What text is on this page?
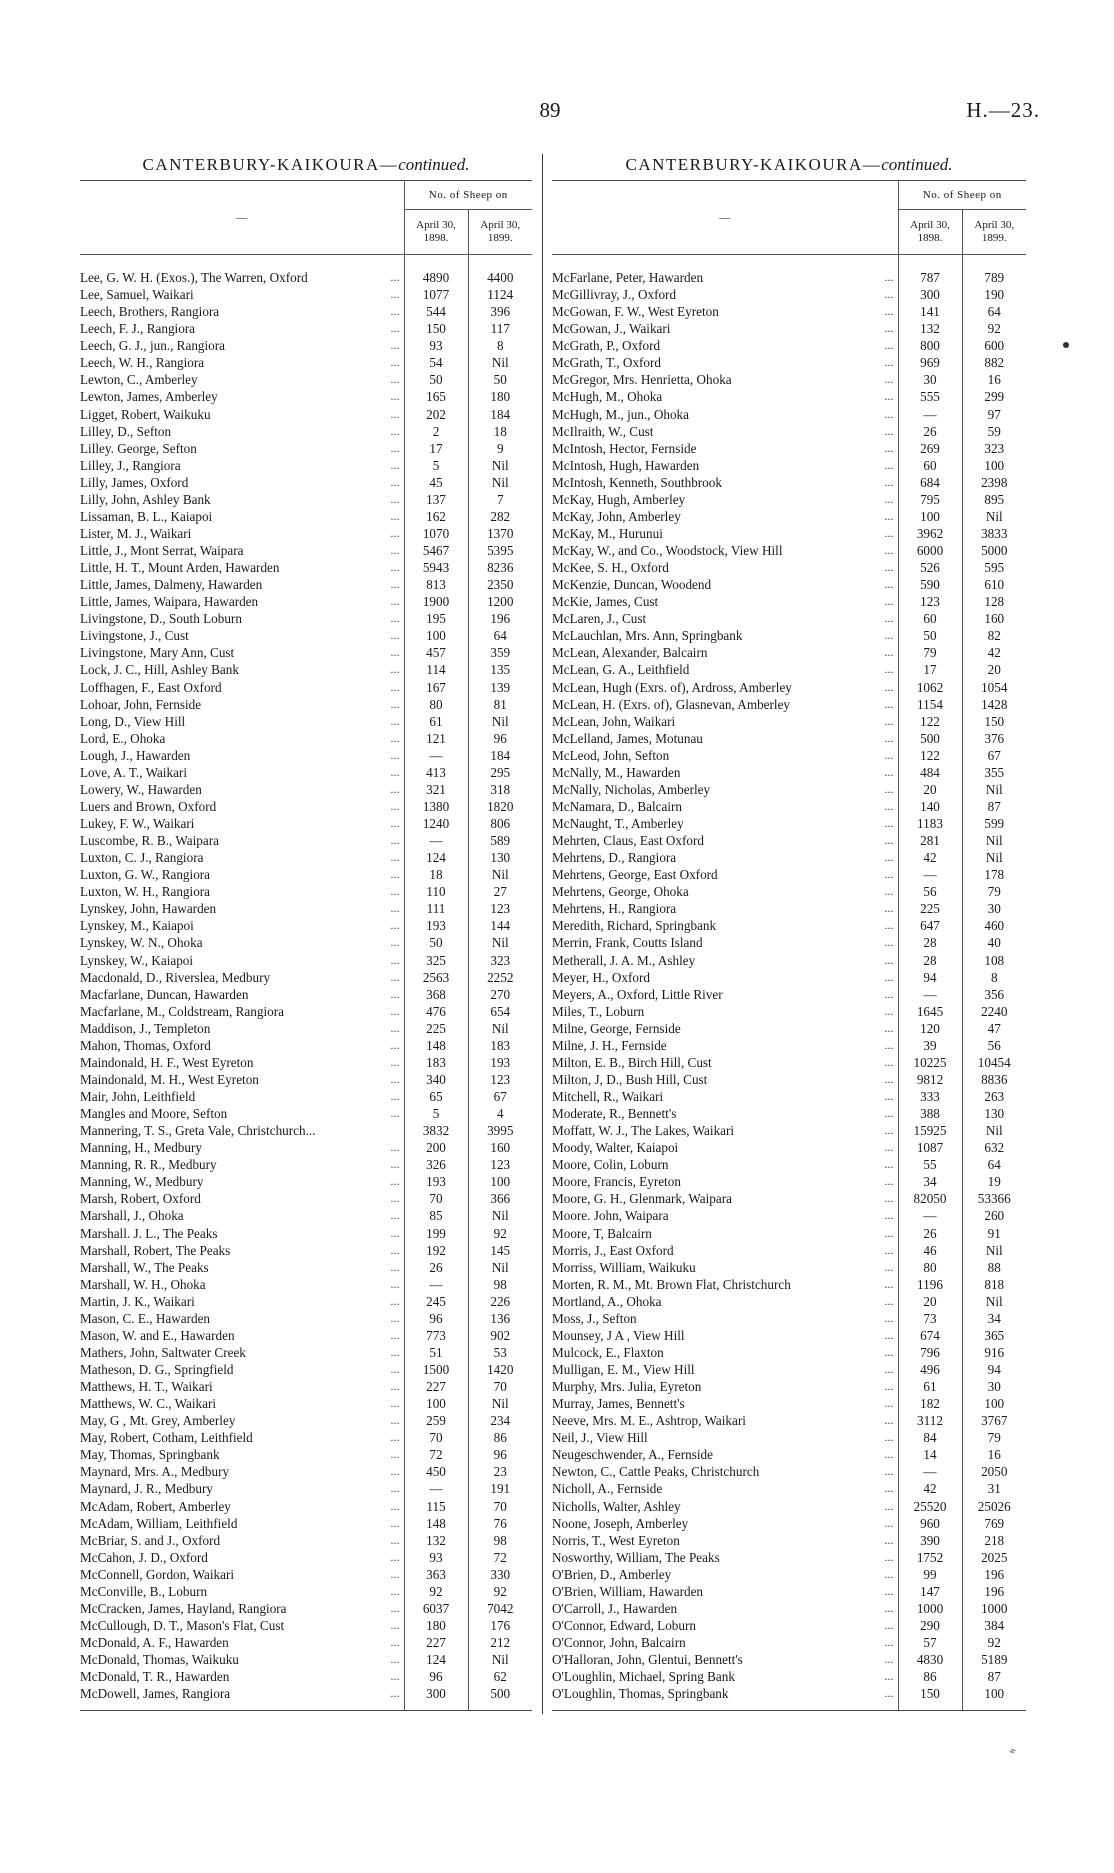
89	H.—23.
CANTERBURY-KAIKOURA—continued.
—	No. of Sheep on	
	April 30, 1898.	April 30, 1899.

Lee, G. W. H. (Exos.), The Warren, Oxford ...	4890	4400
Lee, Samuel, Waikari ...	1077	1124
Leech, Brothers, Rangiora ...	544	396
Leech, F. J., Rangiora ...	150	117
Leech, G. J., jun., Rangiora ...	93	8
Leech, W. H., Rangiora ...	54	Nil
Lewton, C., Amberley ...	50	50
Lewton, James, Amberley ...	165	180
Ligget, Robert, Waikuku ...	202	184
Lilley, D., Sefton ...	2	18
Lilley. George, Sefton ...	17	9
Lilley, J., Rangiora ...	5	Nil
Lilly, James, Oxford ...	45	Nil
Lilly, John, Ashley Bank ...	137	7
Lissaman, B. L., Kaiapoi ...	162	282
Lister, M. J., Waikari ...	1070	1370
Little, J., Mont Serrat, Waipara ...	5467	5395
Little, H. T., Mount Arden, Hawarden ...	5943	8236
Little, James, Dalmeny, Hawarden ...	813	2350
Little, James, Waipara, Hawarden ...	1900	1200
Livingstone, D., South Loburn ...	195	196
Livingstone, J., Cust ...	100	64
Livingstone, Mary Ann, Cust ...	457	359
Lock, J. C., Hill, Ashley Bank ...	114	135
Loffhagen, F., East Oxford ...	167	139
Lohoar, John, Fernside ...	80	81
Long, D., View Hill ...	61	Nil
Lord, E., Ohoka ...	121	96
Lough, J., Hawarden ...	—	184
Love, A. T., Waikari ...	413	295
Lowery, W., Hawarden ...	321	318
Luers and Brown, Oxford ...	1380	1820
Lukey, F. W., Waikari ...	1240	806
Luscombe, R. B., Waipara ...	—	589
Luxton, C. J., Rangiora ...	124	130
Luxton, G. W., Rangiora ...	18	Nil
Luxton, W. H., Rangiora ...	110	27
Lynskey, John, Hawarden ...	111	123
Lynskey, M., Kaiapoi ...	193	144
Lynskey, W. N., Ohoka ...	50	Nil
Lynskey, W., Kaiapoi ...	325	323
Macdonald, D., Riverslea, Medbury ...	2563	2252
Macfarlane, Duncan, Hawarden ...	368	270
Macfarlane, M., Coldstream, Rangiora ...	476	654
Maddison, J., Templeton ...	225	Nil
Mahon, Thomas, Oxford ...	148	183
Maindonald, H. F., West Eyreton ...	183	193
Maindonald, M. H., West Eyreton ...	340	123
Mair, John, Leithfield ...	65	67
Mangles and Moore, Sefton ...	5	4
Mannering, T. S., Greta Vale, Christchurch...	3832	3995
Manning, H., Medbury ...	200	160
Manning, R. R., Medbury ...	326	123
Manning, W., Medbury ...	193	100
Marsh, Robert, Oxford ...	70	366
Marshall, J., Ohoka ...	85	Nil
Marshall. J. L., The Peaks ...	199	92
Marshall, Robert, The Peaks ...	192	145
Marshall, W., The Peaks ...	26	Nil
Marshall, W. H., Ohoka ...	—	98
Martin, J. K., Waikari ...	245	226
Mason, C. E., Hawarden ...	96	136
Mason, W. and E., Hawarden ...	773	902
Mathers, John, Saltwater Creek ...	51	53
Matheson, D. G., Springfield ...	1500	1420
Matthews, H. T., Waikari ...	227	70
Matthews, W. C., Waikari ...	100	Nil
May, G , Mt. Grey, Amberley ...	259	234
May, Robert, Cotham, Leithfield ...	70	86
May, Thomas, Springbank ...	72	96
Maynard, Mrs. A., Medbury ...	450	23
Maynard, J. R., Medbury ...	—	191
McAdam, Robert, Amberley ...	115	70
McAdam, William, Leithfield ...	148	76
McBriar, S. and J., Oxford ...	132	98
McCahon, J. D., Oxford ...	93	72
McConnell, Gordon, Waikari ...	363	330
McConville, B., Loburn ...	92	92
McCracken, James, Hayland, Rangiora ...	6037	7042
McCullough, D. T., Mason's Flat, Cust ...	180	176
McDonald, A. F., Hawarden ...	227	212
McDonald, Thomas, Waikuku ...	124	Nil
McDonald, T. R., Hawarden ...	96	62
McDowell, James, Rangiora ...	300	500

CANTERBURY-KAIKOURA—continued.
—	No. of Sheep on	
	April 30, 1898.	April 30, 1899.

McFarlane, Peter, Hawarden ...	787	789
McGillivray, J., Oxford ...	300	190
McGowan, F. W., West Eyreton ...	141	64
McGowan, J., Waikari ...	132	92
McGrath, P., Oxford ...	800	600
McGrath, T., Oxford ...	969	882
McGregor, Mrs. Henrietta, Ohoka ...	30	16
McHugh, M., Ohoka ...	555	299
McHugh, M., jun., Ohoka ...	—	97
McIlraith, W., Cust ...	26	59
McIntosh, Hector, Fernside ...	269	323
McIntosh, Hugh, Hawarden ...	60	100
McIntosh, Kenneth, Southbrook ...	684	2398
McKay, Hugh, Amberley ...	795	895
McKay, John, Amberley ...	100	Nil
McKay, M., Hurunui ...	3962	3833
McKay, W., and Co., Woodstock, View Hill ...	6000	5000
McKee, S. H., Oxford ...	526	595
McKenzie, Duncan, Woodend ...	590	610
McKie, James, Cust ...	123	128
McLaren, J., Cust ...	60	160
McLauchlan, Mrs. Ann, Springbank ...	50	82
McLean, Alexander, Balcairn ...	79	42
McLean, G. A., Leithfield ...	17	20
McLean, Hugh (Exrs. of), Ardross, Amberley ...	1062	1054
McLean, H. (Exrs. of), Glasnevan, Amberley ...	1154	1428
McLean, John, Waikari ...	122	150
McLelland, James, Motunau ...	500	376
McLeod, John, Sefton ...	122	67
McNally, M., Hawarden ...	484	355
McNally, Nicholas, Amberley ...	20	Nil
McNamara, D., Balcairn ...	140	87
McNaught, T., Amberley ...	1183	599
Mehrten, Claus, East Oxford ...	281	Nil
Mehrtens, D., Rangiora ...	42	Nil
Mehrtens, George, East Oxford ...	—	178
Mehrtens, George, Ohoka ...	56	79
Mehrtens, H., Rangiora ...	225	30
Meredith, Richard, Springbank ...	647	460
Merrin, Frank, Coutts Island ...	28	40
Metherall, J. A. M., Ashley ...	28	108
Meyer, H., Oxford ...	94	8
Meyers, A., Oxford, Little River ...	—	356
Miles, T., Loburn ...	1645	2240
Milne, George, Fernside ...	120	47
Milne, J. H., Fernside ...	39	56
Milton, E. B., Birch Hill, Cust ...	10225	10454
Milton, J, D., Bush Hill, Cust ...	9812	8836
Mitchell, R., Waikari ...	333	263
Moderate, R., Bennett's ...	388	130
Moffatt, W. J., The Lakes, Waikari ...	15925	Nil
Moody, Walter, Kaiapoi ...	1087	632
Moore, Colin, Loburn ...	55	64
Moore, Francis, Eyreton ...	34	19
Moore, G. H., Glenmark, Waipara ...	82050	53366
Moore. John, Waipara ...	—	260
Moore, T, Balcairn ...	26	91
Morris, J., East Oxford ...	46	Nil
Morriss, William, Waikuku ...	80	88
Morten, R. M., Mt. Brown Flat, Christchurch ...	1196	818
Mortland, A., Ohoka ...	20	Nil
Moss, J., Sefton ...	73	34
Mounsey, J A , View Hill ...	674	365
Mulcock, E., Flaxton ...	796	916
Mulligan, E. M., View Hill ...	496	94
Murphy, Mrs. Julia, Eyreton ...	61	30
Murray, James, Bennett's ...	182	100
Neeve, Mrs. M. E., Ashtrop, Waikari ...	3112	3767
Neil, J., View Hill ...	84	79
Neugeschwender, A., Fernside ...	14	16
Newton, C., Cattle Peaks, Christchurch ...	—	2050
Nicholl, A., Fernside ...	42	31
Nicholls, Walter, Ashley ...	25520	25026
Noone, Joseph, Amberley ...	960	769
Norris, T., West Eyreton ...	390	218
Nosworthy, William, The Peaks ...	1752	2025
O'Brien, D., Amberley ...	99	196
O'Brien, William, Hawarden ...	147	196
O'Carroll, J., Hawarden ...	1000	1000
O'Connor, Edward, Loburn ...	290	384
O'Connor, John, Balcairn ...	57	92
O'Halloran, John, Glentui, Bennett's ...	4830	5189
O'Loughlin, Michael, Spring Bank ...	86	87
O'Loughlin, Thomas, Springbank ...	150	100

⸗
